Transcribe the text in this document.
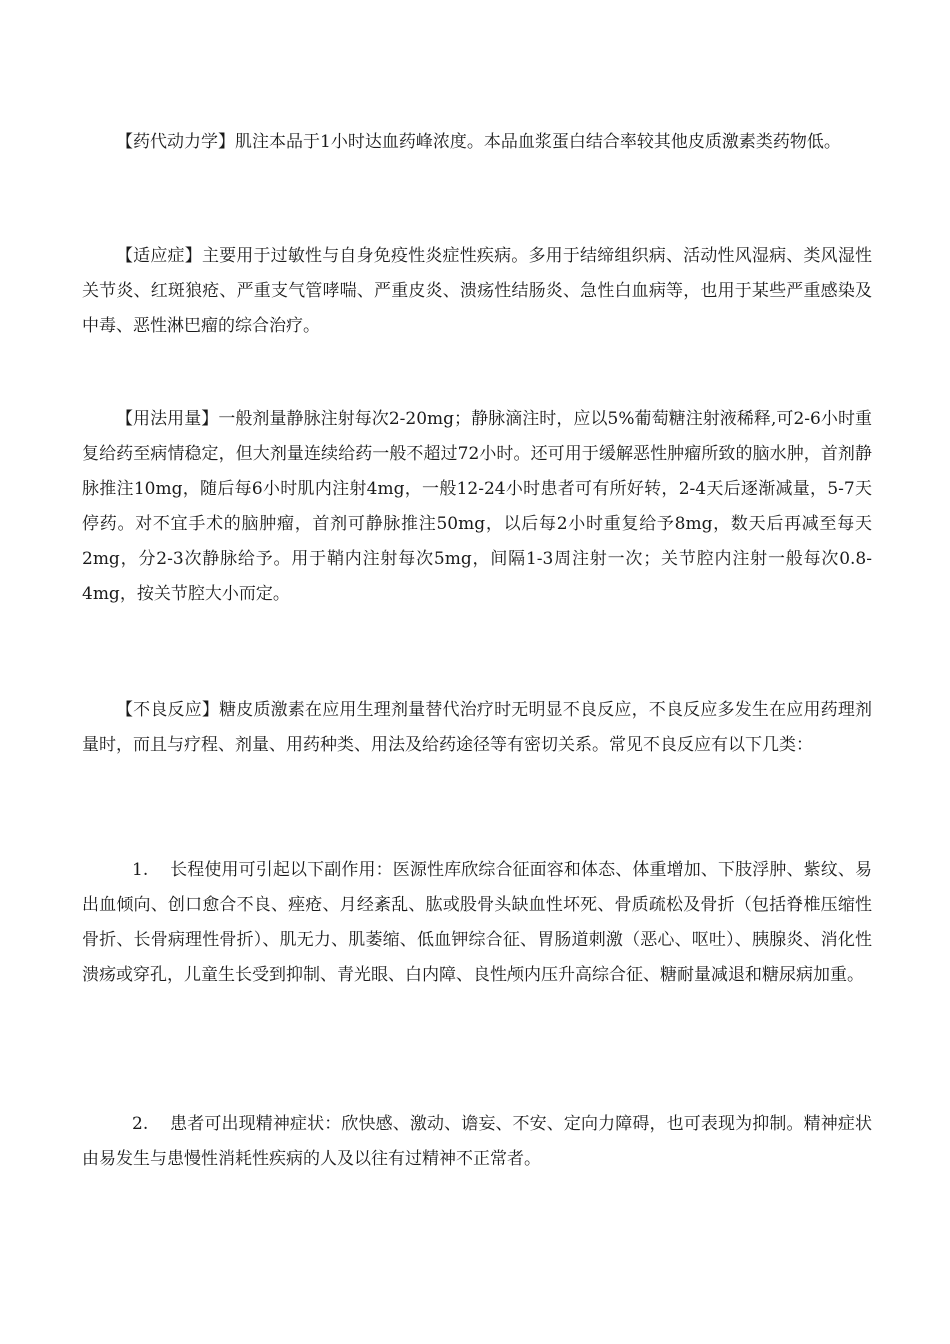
【药代动力学】肌注本品于1小时达血药峰浓度。本品血浆蛋白结合率较其他皮质激素类药物低。

【适应症】主要用于过敏性与自身免疫性炎症性疾病。多用于结缔组织病、活动性风湿病、类风湿性关节炎、红斑狼疮、严重支气管哮喘、严重皮炎、溃疡性结肠炎、急性白血病等，也用于某些严重感染及中毒、恶性淋巴瘤的综合治疗。

【用法用量】一般剂量静脉注射每次2-20mg；静脉滴注时，应以5%葡萄糖注射液稀释,可2-6小时重复给药至病情稳定，但大剂量连续给药一般不超过72小时。还可用于缓解恶性肿瘤所致的脑水肿，首剂静脉推注10mg，随后每6小时肌内注射4mg，一般12-24小时患者可有所好转，2-4天后逐渐减量，5-7天停药。对不宜手术的脑肿瘤，首剂可静脉推注50mg，以后每2小时重复给予8mg，数天后再减至每天2mg，分2-3次静脉给予。用于鞘内注射每次5mg，间隔1-3周注射一次；关节腔内注射一般每次0.8-4mg，按关节腔大小而定。

【不良反应】糖皮质激素在应用生理剂量替代治疗时无明显不良反应，不良反应多发生在应用药理剂量时，而且与疗程、剂量、用药种类、用法及给药途径等有密切关系。常见不良反应有以下几类：

1. 长程使用可引起以下副作用：医源性库欣综合征面容和体态、体重增加、下肢浮肿、紫纹、易出血倾向、创口愈合不良、痤疮、月经紊乱、肱或股骨头缺血性坏死、骨质疏松及骨折（包括脊椎压缩性骨折、长骨病理性骨折）、肌无力、肌萎缩、低血钾综合征、胃肠道刺激（恶心、呕吐）、胰腺炎、消化性溃疡或穿孔，儿童生长受到抑制、青光眼、白内障、良性颅内压升高综合征、糖耐量减退和糖尿病加重。

2. 患者可出现精神症状：欣快感、激动、谵妄、不安、定向力障碍，也可表现为抑制。精神症状由易发生与患慢性消耗性疾病的人及以往有过精神不正常者。
